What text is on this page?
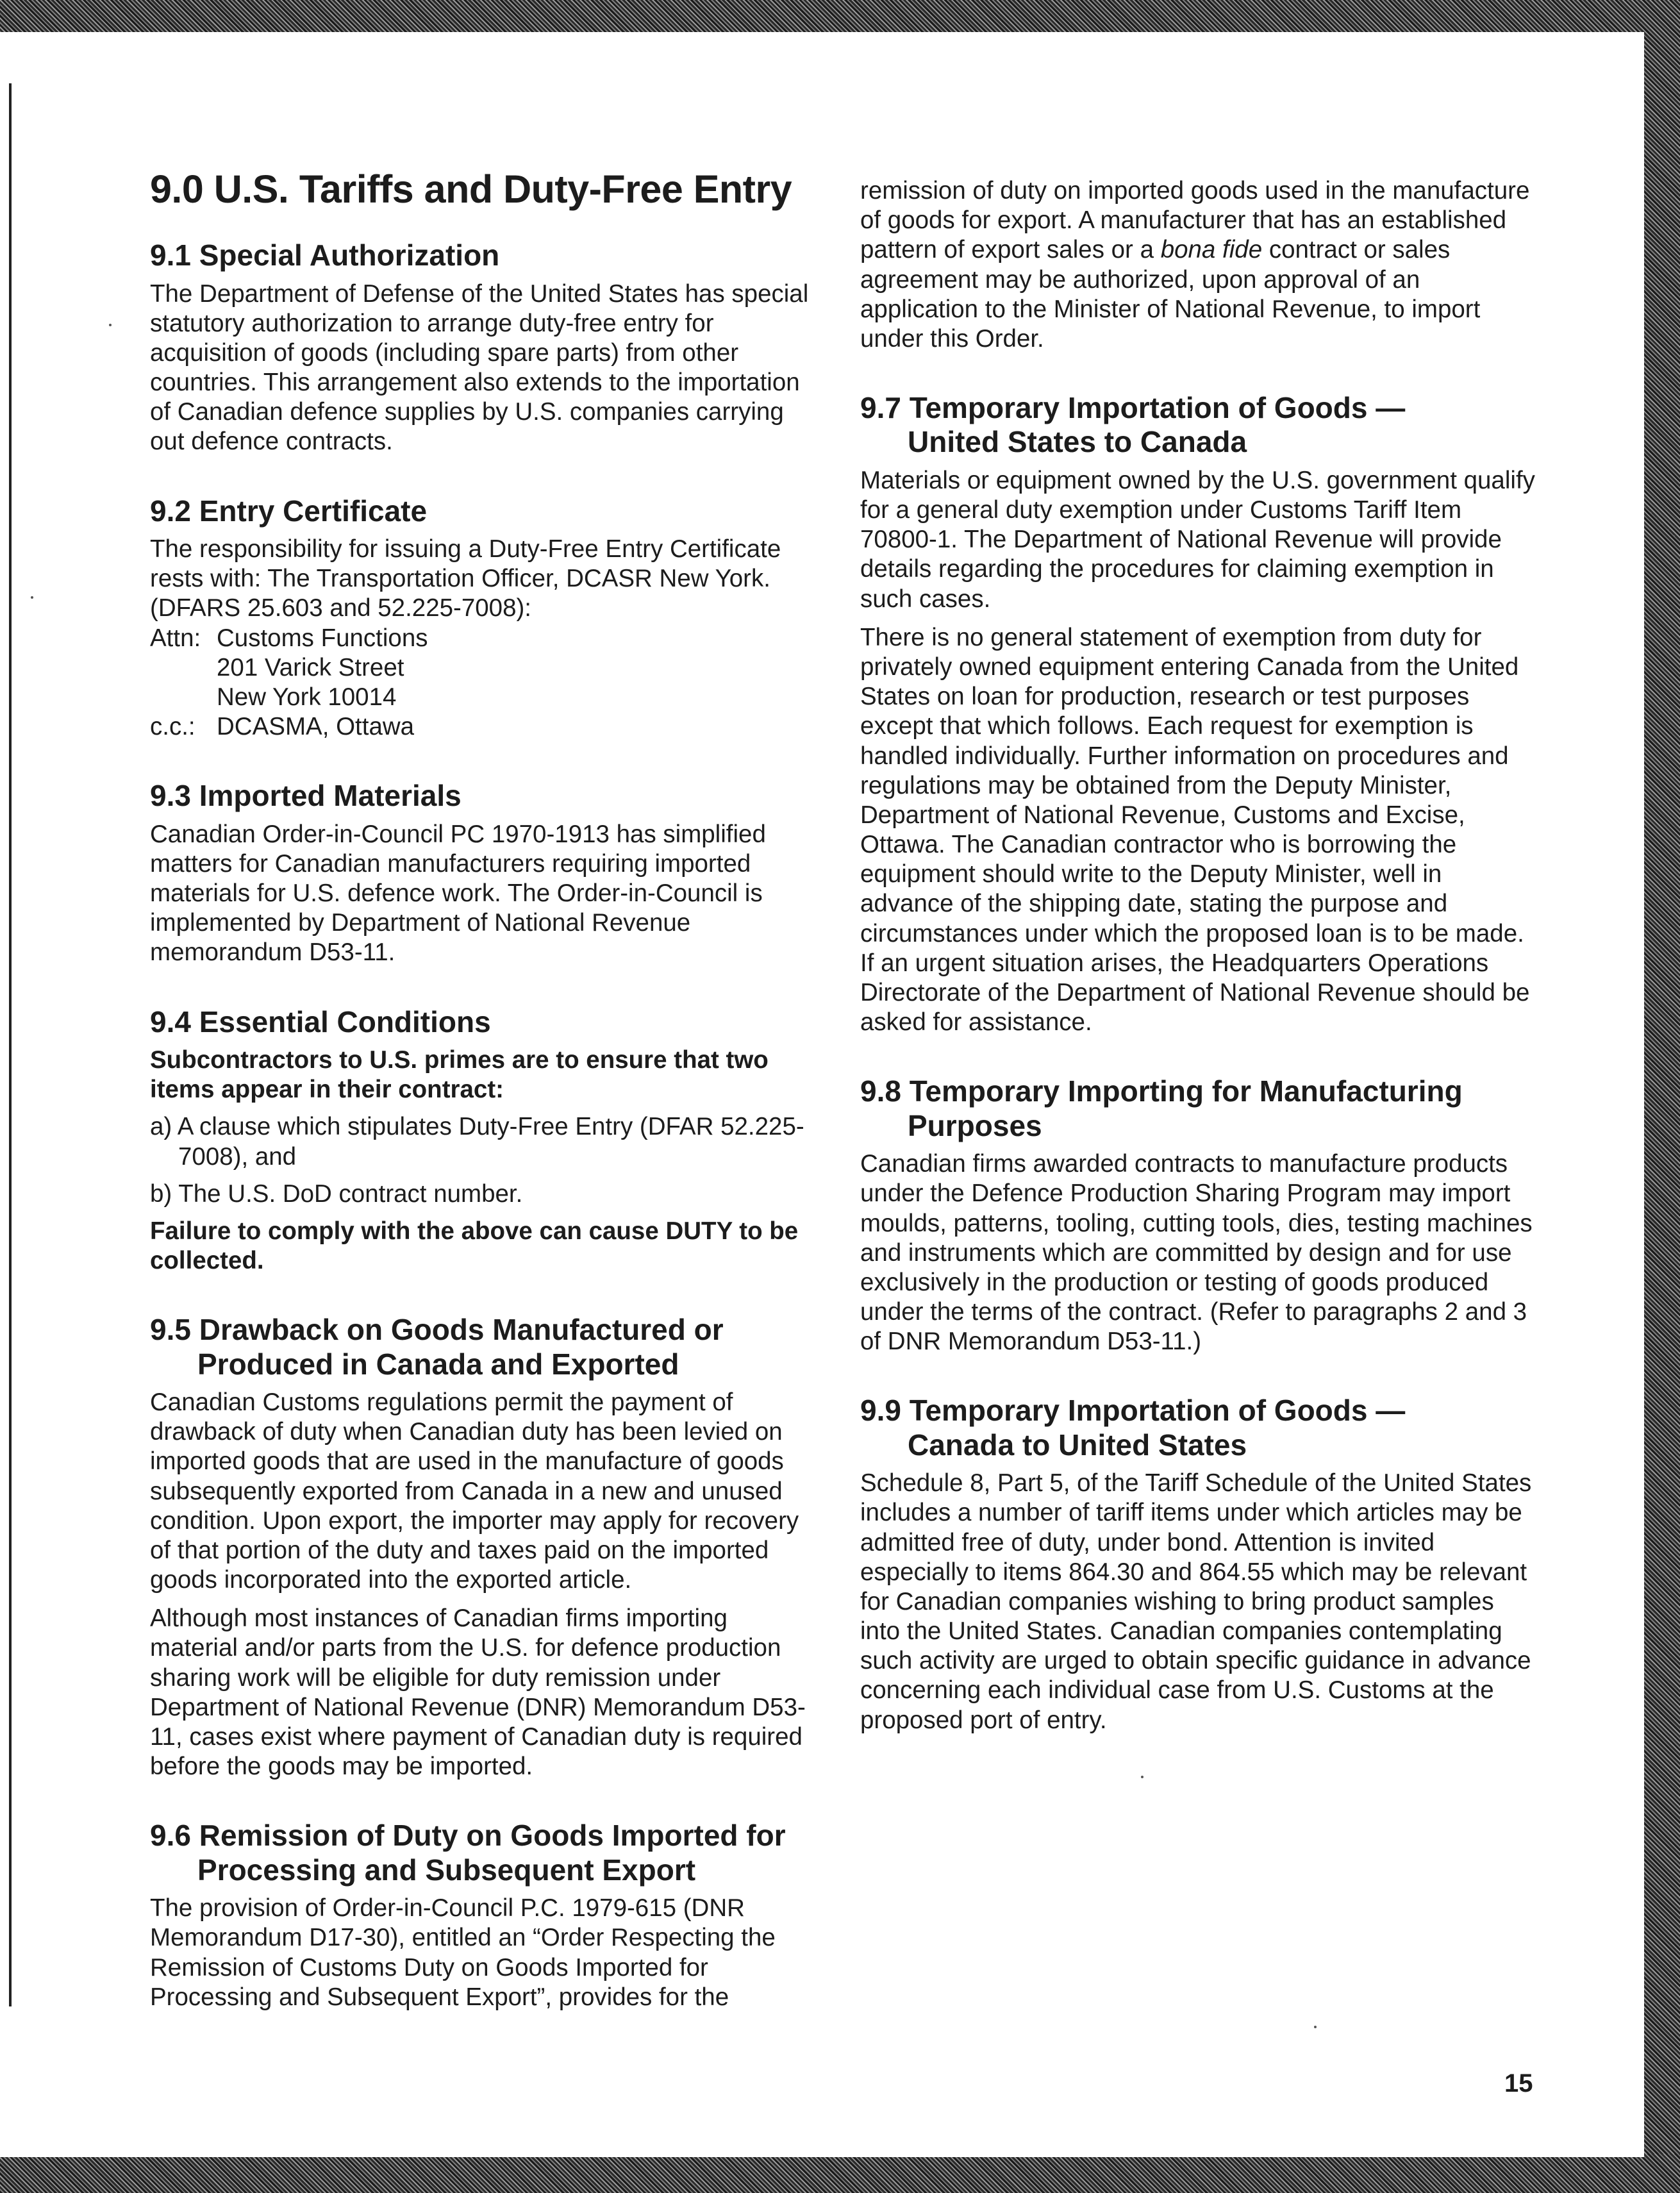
9.0 U.S. Tariffs and Duty-Free Entry
9.1 Special Authorization

The Department of Defense of the United States has special statutory authorization to arrange duty-free entry for acquisition of goods (including spare parts) from other countries. This arrangement also extends to the importation of Canadian defence supplies by U.S. companies carrying out defence contracts.

9.2 Entry Certificate

The responsibility for issuing a Duty-Free Entry Certificate rests with: The Transportation Officer, DCASR New York. (DFARS 25.603 and 52.225-7008):

Attn: Customs Functions
201 Varick Street
New York 10014
c.c.: DCASMA, Ottawa
9.3 Imported Materials

Canadian Order-in-Council PC 1970-1913 has simplified matters for Canadian manufacturers requiring imported materials for U.S. defence work. The Order-in-Council is implemented by Department of National Revenue memorandum D53-11.

9.4 Essential Conditions

Subcontractors to U.S. primes are to ensure that two items appear in their contract:

a) A clause which stipulates Duty-Free Entry (DFAR 52.225-7008), and
b) The U.S. DoD contract number.

Failure to comply with the above can cause DUTY to be collected.

9.5 Drawback on Goods Manufactured or
Produced in Canada and Exported

Canadian Customs regulations permit the payment of drawback of duty when Canadian duty has been levied on imported goods that are used in the manufacture of goods subsequently exported from Canada in a new and unused condition. Upon export, the importer may apply for recovery of that portion of the duty and taxes paid on the imported goods incorporated into the exported article.

Although most instances of Canadian firms importing material and/or parts from the U.S. for defence production sharing work will be eligible for duty remission under Department of National Revenue (DNR) Memorandum D53-11, cases exist where payment of Canadian duty is required before the goods may be imported.

9.6 Remission of Duty on Goods Imported for
Processing and Subsequent Export

The provision of Order-in-Council P.C. 1979-615 (DNR Memorandum D17-30), entitled an “Order Respecting the Remission of Customs Duty on Goods Imported for Processing and Subsequent Export”, provides for the

remission of duty on imported goods used in the manufacture of goods for export. A manufacturer that has an established pattern of export sales or a bona fide contract or sales agreement may be authorized, upon approval of an application to the Minister of National Revenue, to import under this Order.

9.7 Temporary Importation of Goods —
United States to Canada

Materials or equipment owned by the U.S. government qualify for a general duty exemption under Customs Tariff Item 70800-1. The Department of National Revenue will provide details regarding the procedures for claiming exemption in such cases.

There is no general statement of exemption from duty for privately owned equipment entering Canada from the United States on loan for production, research or test purposes except that which follows. Each request for exemption is handled individually. Further information on procedures and regulations may be obtained from the Deputy Minister, Department of National Revenue, Customs and Excise, Ottawa. The Canadian contractor who is borrowing the equipment should write to the Deputy Minister, well in advance of the shipping date, stating the purpose and circumstances under which the proposed loan is to be made. If an urgent situation arises, the Headquarters Operations Directorate of the Department of National Revenue should be asked for assistance.

9.8 Temporary Importing for Manufacturing
Purposes

Canadian firms awarded contracts to manufacture products under the Defence Production Sharing Program may import moulds, patterns, tooling, cutting tools, dies, testing machines and instruments which are committed by design and for use exclusively in the production or testing of goods produced under the terms of the contract. (Refer to paragraphs 2 and 3 of DNR Memorandum D53-11.)

9.9 Temporary Importation of Goods —
Canada to United States

Schedule 8, Part 5, of the Tariff Schedule of the United States includes a number of tariff items under which articles may be admitted free of duty, under bond. Attention is invited especially to items 864.30 and 864.55 which may be relevant for Canadian companies wishing to bring product samples into the United States. Canadian companies contemplating such activity are urged to obtain specific guidance in advance concerning each individual case from U.S. Customs at the proposed port of entry.

15
